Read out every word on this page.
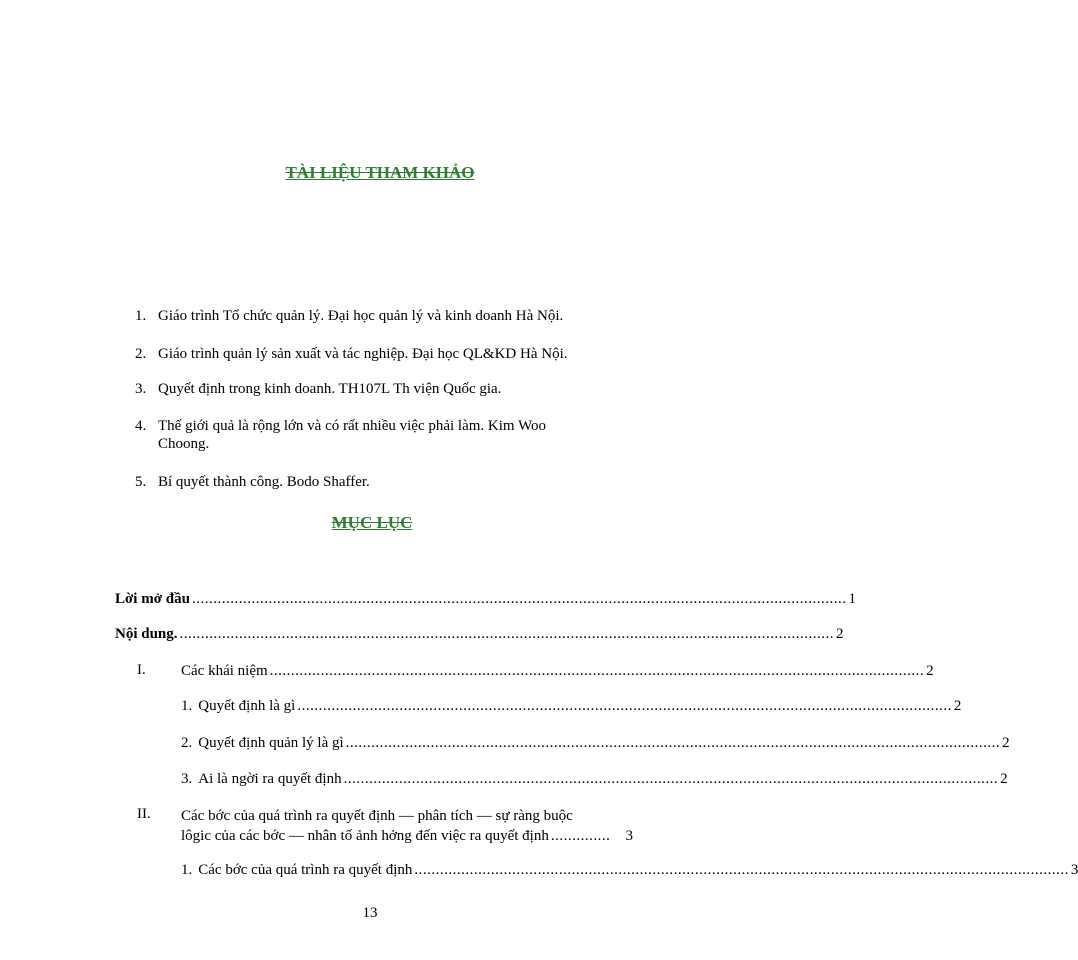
TÀI LIỆU THAM KHẢO
1. Giáo trình Tổ chức quản lý. Đại học quản lý và kinh doanh Hà Nội.
2. Giáo trình quản lý sản xuất và tác nghiệp. Đại học QL&KD Hà Nội.
3. Quyết định trong kinh doanh. TH107L Th viện Quốc gia.
4. Thế giới quả là rộng lớn và có rất nhiều việc phải làm. Kim Woo Choong.
5. Bí quyết thành công. Bodo Shaffer.
MỤC LỤC
Lời mở đầu .......................................................................................................................................................... 1
Nội dung. .......................................................................................................................................................... 2
I. Các khái niệm .......................................................................................................................................................... 2
1. Quyết định là gì .......................................................................................................................................................... 2
2. Quyết định quản lý là gì .......................................................................................................................................................... 2
3. Ai là ngời ra quyết định .......................................................................................................................................................... 2
II. Các bớc của quá trình ra quyết định — phân tích — sự ràng buộc
lôgic của các bớc — nhân tố ảnh hởng đến việc ra quyết định ..............	3
1. Các bớc của quá trình ra quyết định .......................................................................................................................................................... 3
13
